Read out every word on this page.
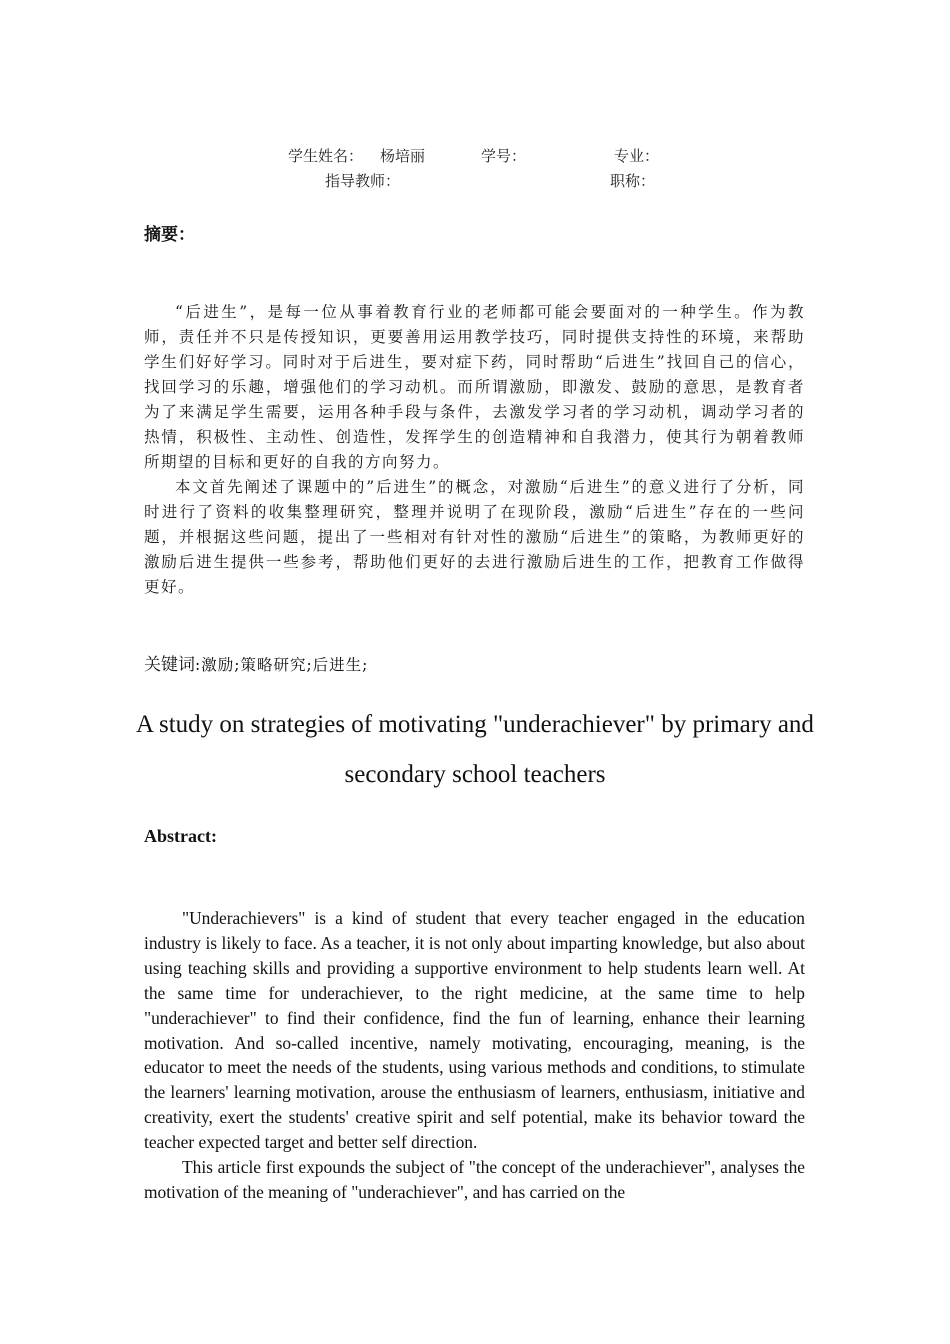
学生姓名： 杨培丽	学号：	专业：
指导教师：	职称：
摘要：

“后进生”，是每一位从事着教育行业的老师都可能会要面对的一种学生。作为教师，责任并不只是传授知识，更要善用运用教学技巧，同时提供支持性的环境，来帮助学生们好好学习。同时对于后进生，要对症下药，同时帮助“后进生”找回自己的信心，找回学习的乐趣，增强他们的学习动机。而所谓激励，即激发、鼓励的意思，是教育者为了来满足学生需要，运用各种手段与条件，去激发学习者的学习动机，调动学习者的热情，积极性、主动性、创造性，发挥学生的创造精神和自我潜力，使其行为朝着教师所期望的目标和更好的自我的方向努力。

本文首先阐述了课题中的”后进生”的概念，对激励“后进生”的意义进行了分析，同时进行了资料的收集整理研究，整理并说明了在现阶段，激励“后进生”存在的一些问题，并根据这些问题，提出了一些相对有针对性的激励“后进生”的策略，为教师更好的激励后进生提供一些参考，帮助他们更好的去进行激励后进生的工作，把教育工作做得更好。

关键词:激励;策略研究;后进生;
A study on strategies of motivating "underachiever" by primary and secondary school teachers
Abstract:

"Underachievers" is a kind of student that every teacher engaged in the education industry is likely to face. As a teacher, it is not only about imparting knowledge, but also about using teaching skills and providing a supportive environment to help students learn well. At the same time for underachiever, to the right medicine, at the same time to help "underachiever" to find their confidence, find the fun of learning, enhance their learning motivation. And so-called incentive, namely motivating, encouraging, meaning, is the educator to meet the needs of the students, using various methods and conditions, to stimulate the learners' learning motivation, arouse the enthusiasm of learners, enthusiasm, initiative and creativity, exert the students' creative spirit and self potential, make its behavior toward the teacher expected target and better self direction.

This article first expounds the subject of "the concept of the underachiever", analyses the motivation of the meaning of "underachiever", and has carried on the
